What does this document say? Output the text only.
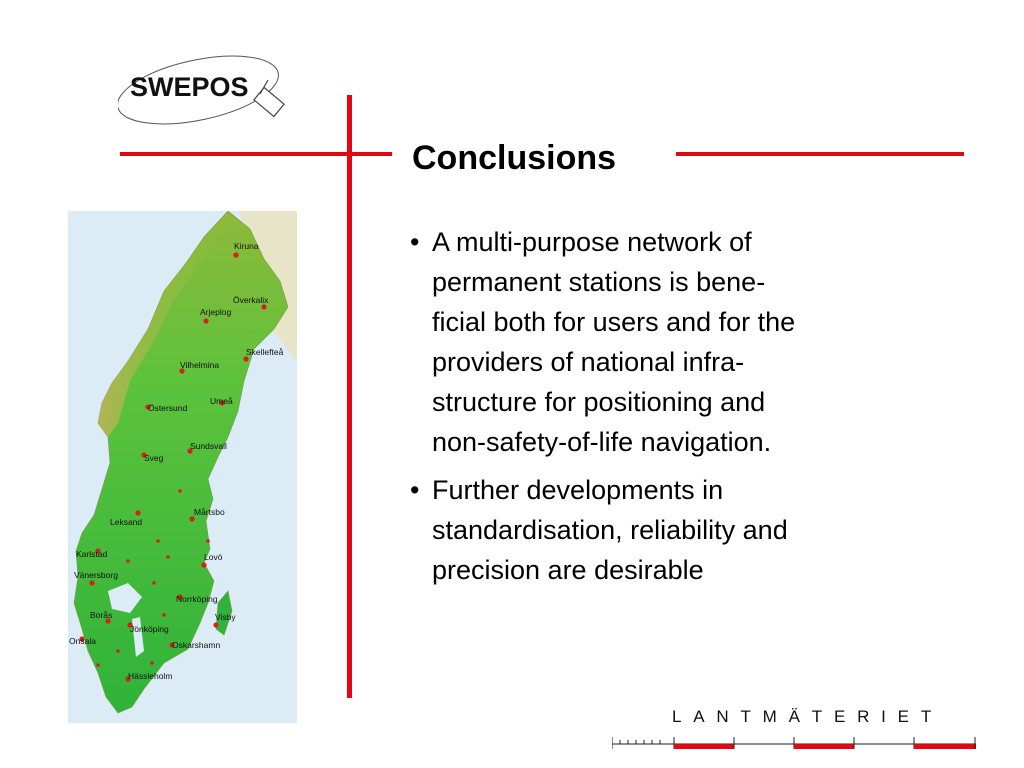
SWEPOS
Conclusions
Kiruna
Överkalix
Arjeplog
Skellefteå
Vilhelmina
Umeå
Östersund
Sundsvall
Sveg
Mårtsbo
Leksand
Karlstad	Lovö
Vänersborg
Norrköping
Borås	Visby
Jönköping
Onsala	Oskarshamn
Hässleholm
• A multi-purpose network of
permanent stations is bene-
ficial both for users and for the
providers of national infra-
structure for positioning and
non-safety-of-life navigation.
• Further developments in
standardisation, reliability and
precision are desirable
LANTMÄTERIET
